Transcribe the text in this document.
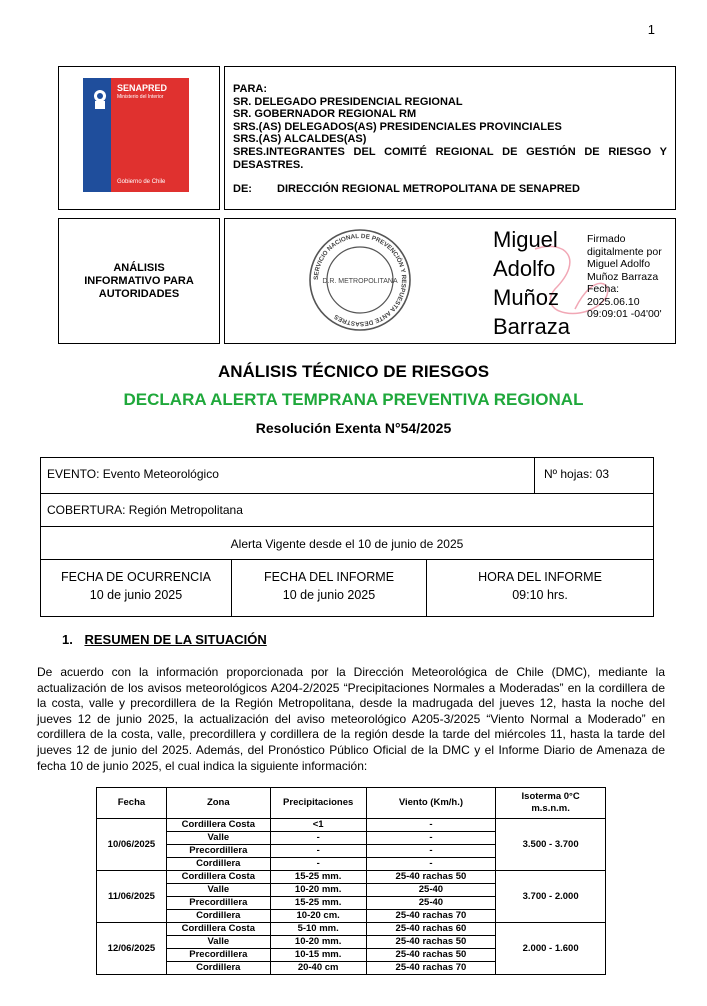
1
SENAPRED
Ministerio del Interior
Gobierno de Chile
PARA:
SR. DELEGADO PRESIDENCIAL REGIONAL
SR. GOBERNADOR REGIONAL RM
SRS.(AS) DELEGADOS(AS) PRESIDENCIALES PROVINCIALES
SRS.(AS) ALCALDES(AS)
SRES.INTEGRANTES DEL COMITÉ REGIONAL DE GESTIÓN DE RIESGO Y DESASTRES.
DE: DIRECCIÓN REGIONAL METROPOLITANA DE SENAPRED
ANÁLISIS INFORMATIVO PARA AUTORIDADES
SERVICIO NACIONAL DE PREVENCIÓN Y RESPUESTA ANTE DESASTRES
D.R. METROPOLITANA
Miguel
Adolfo
Muñoz
Barraza
Firmado
digitalmente por
Miguel Adolfo
Muñoz Barraza
Fecha:
2025.06.10
09:09:01 -04'00'
ANÁLISIS TÉCNICO DE RIESGOS
DECLARA ALERTA TEMPRANA PREVENTIVA REGIONAL
Resolución Exenta N°54/2025
EVENTO: Evento Meteorológico	Nº hojas: 03
COBERTURA: Región Metropolitana
Alerta Vigente desde el 10 de junio de 2025
FECHA DE OCURRENCIA
10 de junio 2025
FECHA DEL INFORME
10 de junio 2025
HORA DEL INFORME
09:10 hrs.
1. RESUMEN DE LA SITUACIÓN
De acuerdo con la información proporcionada por la Dirección Meteorológica de Chile (DMC), mediante la actualización de los avisos meteorológicos A204-2/2025 “Precipitaciones Normales a Moderadas” en la cordillera de la costa, valle y precordillera de la Región Metropolitana, desde la madrugada del jueves 12, hasta la noche del jueves 12 de junio 2025, la actualización del aviso meteorológico A205-3/2025 “Viento Normal a Moderado” en cordillera de la costa, valle, precordillera y cordillera de la región desde la tarde del miércoles 11, hasta la tarde del jueves 12 de junio del 2025. Además, del Pronóstico Público Oficial de la DMC y el Informe Diario de Amenaza de fecha 10 de junio 2025, el cual indica la siguiente información:
Fecha	Zona	Precipitaciones	Viento (Km/h.)	Isoterma 0°C
m.s.n.m.

10/06/2025	Cordillera Costa	<1	-	3.500 - 3.700
	Valle	-	-	
	Precordillera	-	-	
	Cordillera	-	-	
11/06/2025	Cordillera Costa	15-25 mm.	25-40 rachas 50	3.700 - 2.000
	Valle	10-20 mm.	25-40	
	Precordillera	15-25 mm.	25-40	
	Cordillera	10-20 cm.	25-40 rachas 70	
12/06/2025	Cordillera Costa	5-10 mm.	25-40 rachas 60	2.000 - 1.600
	Valle	10-20 mm.	25-40 rachas 50	
	Precordillera	10-15 mm.	25-40 rachas 50	
	Cordillera	20-40 cm	25-40 rachas 70	
